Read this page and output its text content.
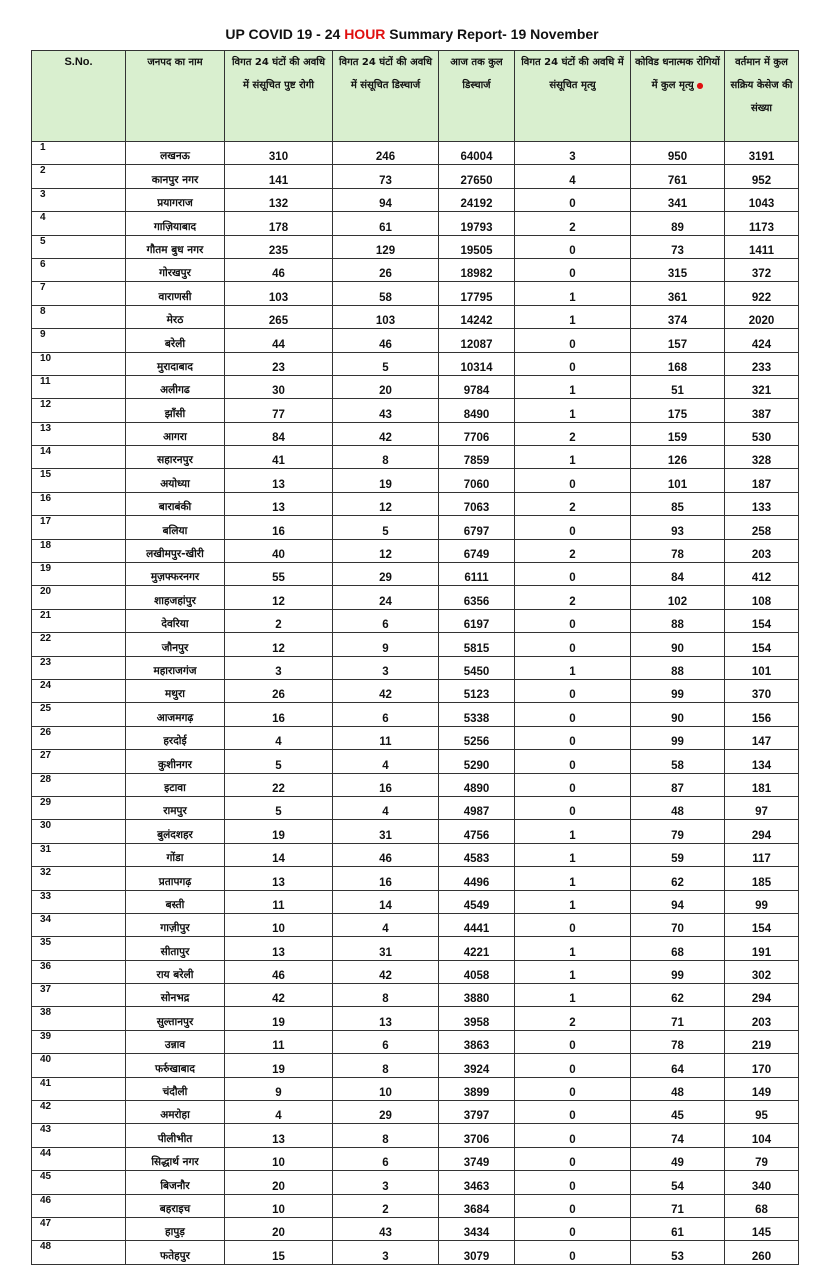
UP COVID 19 - 24 HOUR Summary Report- 19 November
S.No.	जनपद का नाम	विगत 24 घंटों की अवधि में संसूचित पुष्ट रोगी	विगत 24 घंटों की अवधि में संसूचित डिस्चार्ज	आज तक कुल डिस्चार्ज	विगत 24 घंटों की अवधि में संसूचित मृत्यु	कोविड धनात्मक रोगियों में कुल मृत्यु ●	वर्तमान में कुल सक्रिय केसेज की संख्या
1	लखनऊ	310	246	64004	3	950	3191
2	कानपुर नगर	141	73	27650	4	761	952
3	प्रयागराज	132	94	24192	0	341	1043
4	गाज़ियाबाद	178	61	19793	2	89	1173
5	गौतम बुध नगर	235	129	19505	0	73	1411
6	गोरखपुर	46	26	18982	0	315	372
7	वाराणसी	103	58	17795	1	361	922
8	मेरठ	265	103	14242	1	374	2020
9	बरेली	44	46	12087	0	157	424
10	मुरादाबाद	23	5	10314	0	168	233
11	अलीगढ	30	20	9784	1	51	321
12	झाँसी	77	43	8490	1	175	387
13	आगरा	84	42	7706	2	159	530
14	सहारनपुर	41	8	7859	1	126	328
15	अयोध्या	13	19	7060	0	101	187
16	बाराबंकी	13	12	7063	2	85	133
17	बलिया	16	5	6797	0	93	258
18	लखीमपुर-खीरी	40	12	6749	2	78	203
19	मुज़फ्फरनगर	55	29	6111	0	84	412
20	शाहजहांपुर	12	24	6356	2	102	108
21	देवरिया	2	6	6197	0	88	154
22	जौनपुर	12	9	5815	0	90	154
23	महाराजगंज	3	3	5450	1	88	101
24	मथुरा	26	42	5123	0	99	370
25	आजमगढ़	16	6	5338	0	90	156
26	हरदोई	4	11	5256	0	99	147
27	कुशीनगर	5	4	5290	0	58	134
28	इटावा	22	16	4890	0	87	181
29	रामपुर	5	4	4987	0	48	97
30	बुलंदशहर	19	31	4756	1	79	294
31	गोंडा	14	46	4583	1	59	117
32	प्रतापगढ़	13	16	4496	1	62	185
33	बस्ती	11	14	4549	1	94	99
34	गाज़ीपुर	10	4	4441	0	70	154
35	सीतापुर	13	31	4221	1	68	191
36	राय बरेली	46	42	4058	1	99	302
37	सोनभद्र	42	8	3880	1	62	294
38	सुल्तानपुर	19	13	3958	2	71	203
39	उन्नाव	11	6	3863	0	78	219
40	फर्रुखाबाद	19	8	3924	0	64	170
41	चंदौली	9	10	3899	0	48	149
42	अमरोहा	4	29	3797	0	45	95
43	पीलीभीत	13	8	3706	0	74	104
44	सिद्धार्थ नगर	10	6	3749	0	49	79
45	बिजनौर	20	3	3463	0	54	340
46	बहराइच	10	2	3684	0	71	68
47	हापुड़	20	43	3434	0	61	145
48	फतेहपुर	15	3	3079	0	53	260
